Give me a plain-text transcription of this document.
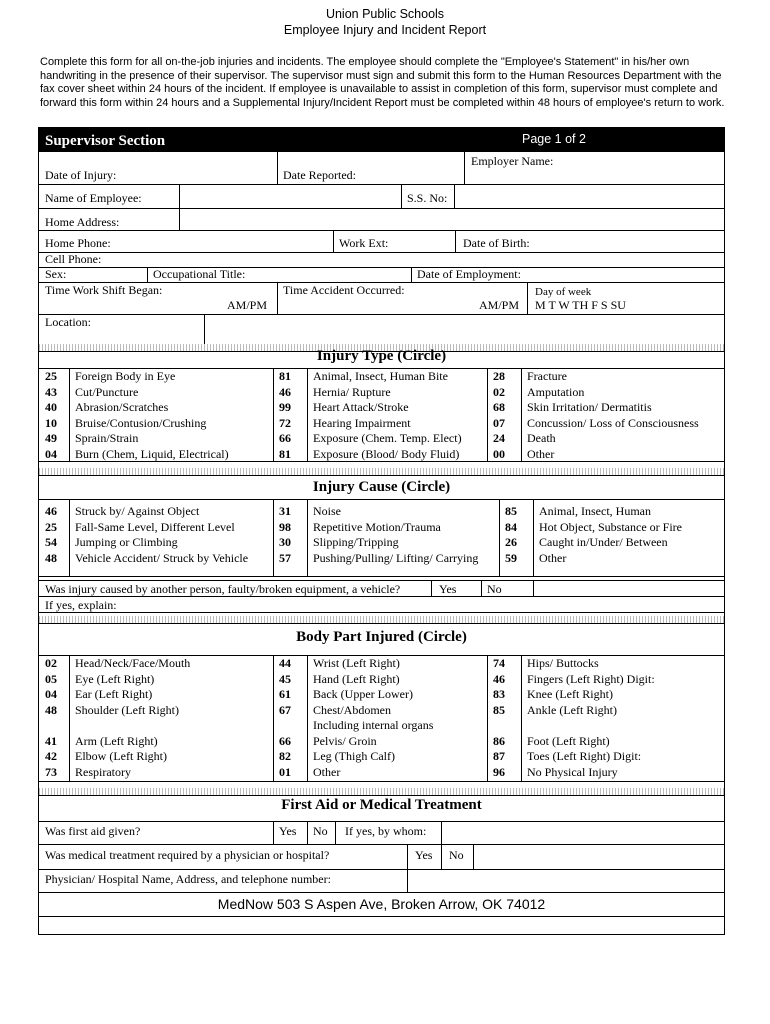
Union Public Schools
Employee Injury and Incident Report
Complete this form for all on-the-job injuries and incidents. The employee should complete the "Employee's Statement" in his/her own handwriting in the presence of their supervisor. The supervisor must sign and submit this form to the Human Resources Department with the fax cover sheet within 24 hours of the incident. If employee is unavailable to assist in completion of this form, supervisor must complete and forward this form within 24 hours and a Supplemental Injury/Incident Report must be completed within 48 hours of employee's return to work.
Supervisor Section	Page 1 of 2
Employer Name:
Date of Injury:	Date Reported:
Name of Employee:	S.S. No:
Home Address:
Home Phone:	Work Ext:	Date of Birth:
Cell Phone:
Sex:	Occupational Title:	Date of Employment:
Time Work Shift Began:
AM/PM
Time Accident Occurred:
AM/PM
Day of week
M T W TH F S SU
Location:
Injury Type (Circle)
25 Foreign Body in Eye	81 Animal, Insect, Human Bite	28 Fracture
43 Cut/Puncture	46 Hernia/ Rupture	02 Amputation
40 Abrasion/Scratches	99 Heart Attack/Stroke	68 Skin Irritation/ Dermatitis
10 Bruise/Contusion/Crushing	72 Hearing Impairment	07 Concussion/ Loss of Consciousness
49 Sprain/Strain	66 Exposure (Chem. Temp. Elect)	24 Death
04 Burn (Chem, Liquid, Electrical)	81 Exposure (Blood/ Body Fluid)	00 Other
Injury Cause (Circle)
46 Struck by/ Against Object	31 Noise	85 Animal, Insect, Human
25 Fall-Same Level, Different Level	98 Repetitive Motion/Trauma	84 Hot Object, Substance or Fire
54 Jumping or Climbing	30 Slipping/Tripping	26 Caught in/Under/ Between
48 Vehicle Accident/ Struck by Vehicle	57 Pushing/Pulling/ Lifting/ Carrying 59 Other
Was injury caused by another person, faulty/broken equipment, a vehicle?	Yes	No
If yes, explain:
Body Part Injured (Circle)
02 Head/Neck/Face/Mouth	44 Wrist (Left Right)	74 Hips/ Buttocks
05 Eye (Left Right)	45 Hand (Left Right)	46 Fingers (Left Right) Digit:
04 Ear (Left Right)	61 Back (Upper Lower)	83 Knee (Left Right)
48 Shoulder (Left Right)	67 Chest/Abdomen	85 Ankle (Left Right)
Including internal organs
41 Arm (Left Right)	66 Pelvis/ Groin	86 Foot (Left Right)
42 Elbow (Left Right)	82 Leg (Thigh Calf)	87 Toes (Left Right) Digit:
73 Respiratory	01 Other	96 No Physical Injury
First Aid or Medical Treatment
Was first aid given?	Yes No If yes, by whom:
Was medical treatment required by a physician or hospital?	Yes No
Physician/ Hospital Name, Address, and telephone number:
MedNow 503 S Aspen Ave, Broken Arrow, OK 74012
